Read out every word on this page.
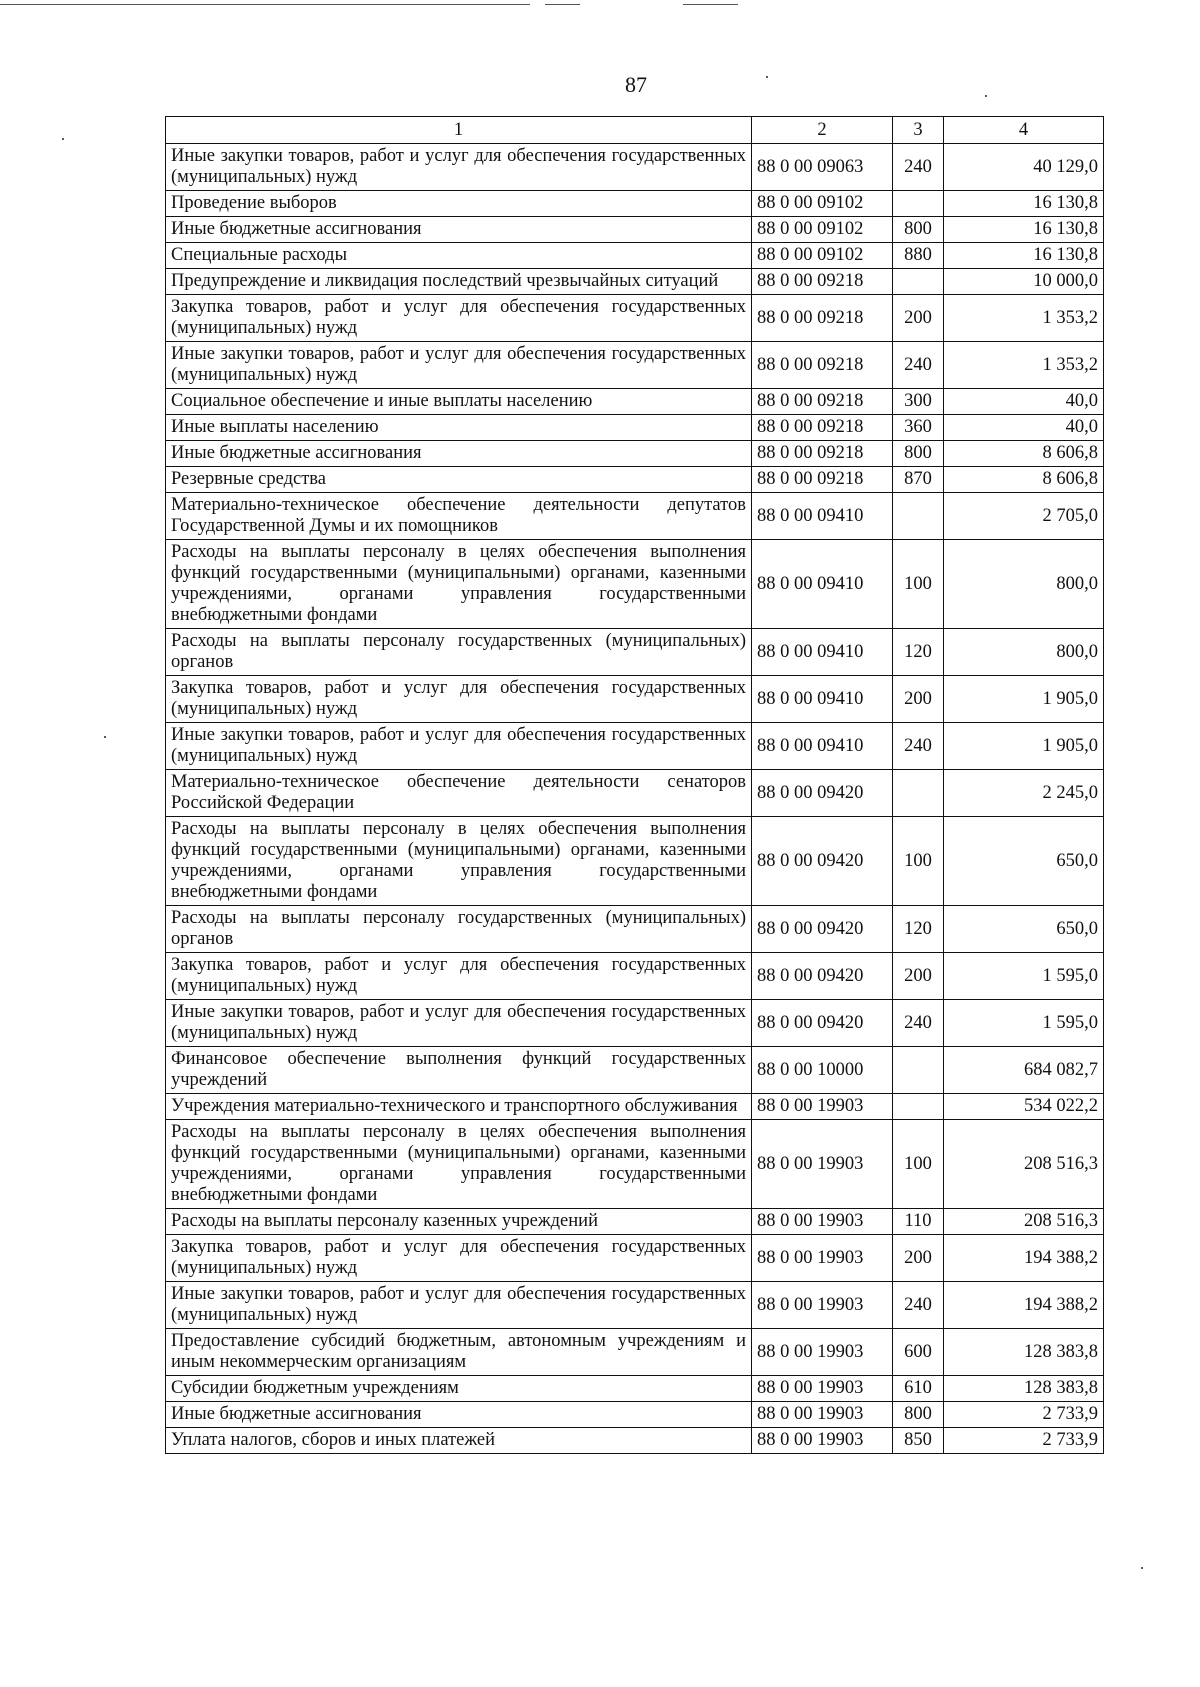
87
1	2	3	4
Иные закупки товаров, работ и услуг для обеспечения государственных (муниципальных) нужд	88 0 00 09063	240	40 129,0
Проведение выборов	88 0 00 09102		16 130,8
Иные бюджетные ассигнования	88 0 00 09102	800	16 130,8
Специальные расходы	88 0 00 09102	880	16 130,8
Предупреждение и ликвидация последствий чрезвычайных ситуаций	88 0 00 09218		10 000,0
Закупка товаров, работ и услуг для обеспечения государственных (муниципальных) нужд	88 0 00 09218	200	1 353,2
Иные закупки товаров, работ и услуг для обеспечения государственных (муниципальных) нужд	88 0 00 09218	240	1 353,2
Социальное обеспечение и иные выплаты населению	88 0 00 09218	300	40,0
Иные выплаты населению	88 0 00 09218	360	40,0
Иные бюджетные ассигнования	88 0 00 09218	800	8 606,8
Резервные средства	88 0 00 09218	870	8 606,8
Материально-техническое обеспечение деятельности депутатов Государственной Думы и их помощников	88 0 00 09410		2 705,0
Расходы на выплаты персоналу в целях обеспечения выполнения функций государственными (муниципальными) органами, казенными учреждениями, органами управления государственными внебюджетными фондами	88 0 00 09410	100	800,0
Расходы на выплаты персоналу государственных (муниципальных) органов	88 0 00 09410	120	800,0
Закупка товаров, работ и услуг для обеспечения государственных (муниципальных) нужд	88 0 00 09410	200	1 905,0
Иные закупки товаров, работ и услуг для обеспечения государственных (муниципальных) нужд	88 0 00 09410	240	1 905,0
Материально-техническое обеспечение деятельности сенаторов Российской Федерации	88 0 00 09420		2 245,0
Расходы на выплаты персоналу в целях обеспечения выполнения функций государственными (муниципальными) органами, казенными учреждениями, органами управления государственными внебюджетными фондами	88 0 00 09420	100	650,0
Расходы на выплаты персоналу государственных (муниципальных) органов	88 0 00 09420	120	650,0
Закупка товаров, работ и услуг для обеспечения государственных (муниципальных) нужд	88 0 00 09420	200	1 595,0
Иные закупки товаров, работ и услуг для обеспечения государственных (муниципальных) нужд	88 0 00 09420	240	1 595,0
Финансовое обеспечение выполнения функций государственных учреждений	88 0 00 10000		684 082,7
Учреждения материально-технического и транспортного обслуживания	88 0 00 19903		534 022,2
Расходы на выплаты персоналу в целях обеспечения выполнения функций государственными (муниципальными) органами, казенными учреждениями, органами управления государственными внебюджетными фондами	88 0 00 19903	100	208 516,3
Расходы на выплаты персоналу казенных учреждений	88 0 00 19903	110	208 516,3
Закупка товаров, работ и услуг для обеспечения государственных (муниципальных) нужд	88 0 00 19903	200	194 388,2
Иные закупки товаров, работ и услуг для обеспечения государственных (муниципальных) нужд	88 0 00 19903	240	194 388,2
Предоставление субсидий бюджетным, автономным учреждениям и иным некоммерческим организациям	88 0 00 19903	600	128 383,8
Субсидии бюджетным учреждениям	88 0 00 19903	610	128 383,8
Иные бюджетные ассигнования	88 0 00 19903	800	2 733,9
Уплата налогов, сборов и иных платежей	88 0 00 19903	850	2 733,9
